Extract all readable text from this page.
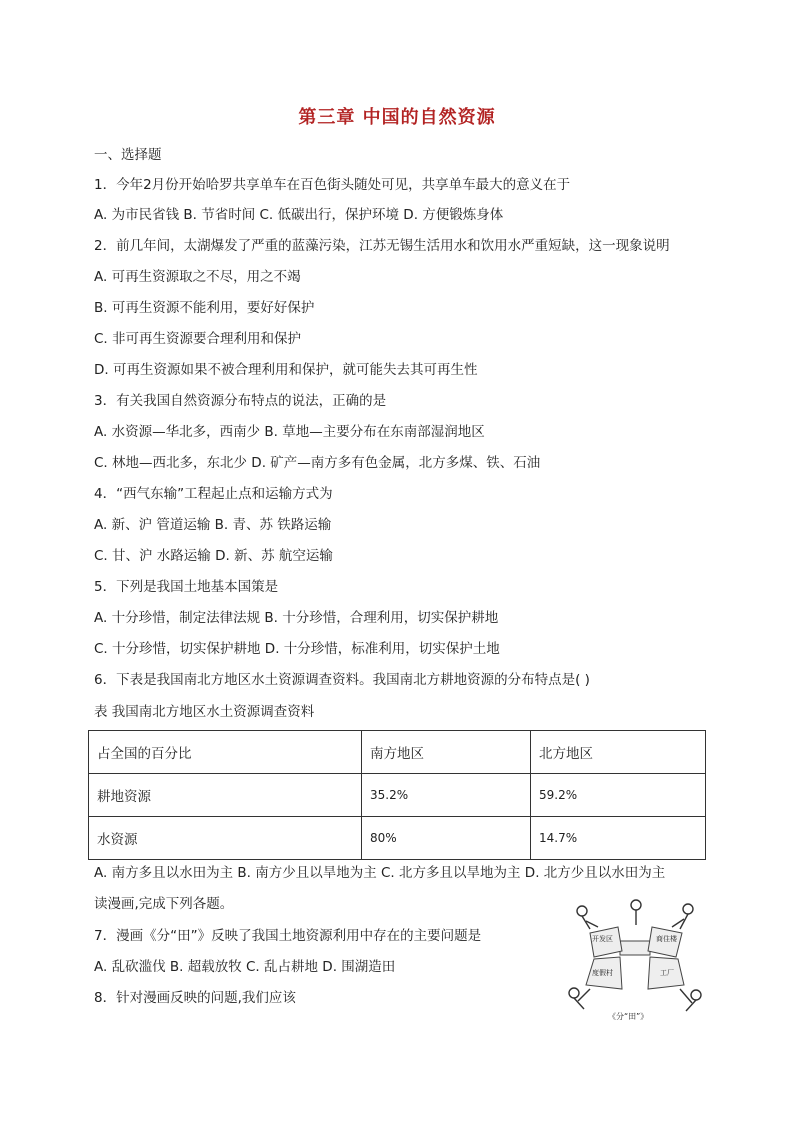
第三章 中国的自然资源
一、选择题
1．今年2月份开始哈罗共享单车在百色街头随处可见，共享单车最大的意义在于
A. 为市民省钱 B. 节省时间 C. 低碳出行，保护环境 D. 方便锻炼身体
2．前几年间，太湖爆发了严重的蓝藻污染，江苏无锡生活用水和饮用水严重短缺，这一现象说明
A. 可再生资源取之不尽，用之不竭
B. 可再生资源不能利用，要好好保护
C. 非可再生资源要合理利用和保护
D. 可再生资源如果不被合理利用和保护，就可能失去其可再生性
3．有关我国自然资源分布特点的说法，正确的是
A. 水资源—华北多，西南少 B. 草地—主要分布在东南部湿润地区
C. 林地—西北多，东北少 D. 矿产—南方多有色金属，北方多煤、铁、石油
4．“西气东输”工程起止点和运输方式为
A. 新、沪 管道运输 B. 青、苏 铁路运输
C. 甘、沪 水路运输 D. 新、苏 航空运输
5．下列是我国土地基本国策是
A. 十分珍惜，制定法律法规 B. 十分珍惜，合理利用，切实保护耕地
C. 十分珍惜，切实保护耕地 D. 十分珍惜，标准利用，切实保护土地
6．下表是我国南北方地区水土资源调查资料。我国南北方耕地资源的分布特点是( )
表 我国南北方地区水土资源调查资料
占全国的百分比	南方地区	北方地区
耕地资源	35.2%	59.2%
水资源	80%	14.7%
A. 南方多且以水田为主 B. 南方少且以旱地为主 C. 北方多且以旱地为主 D. 北方少且以水田为主
读漫画,完成下列各题。
7．漫画《分“田”》反映了我国土地资源利用中存在的主要问题是
A. 乱砍滥伐 B. 超载放牧 C. 乱占耕地 D. 围湖造田
8．针对漫画反映的问题,我们应该
开发区	商住楼
度假村	工厂
《分“田”》
